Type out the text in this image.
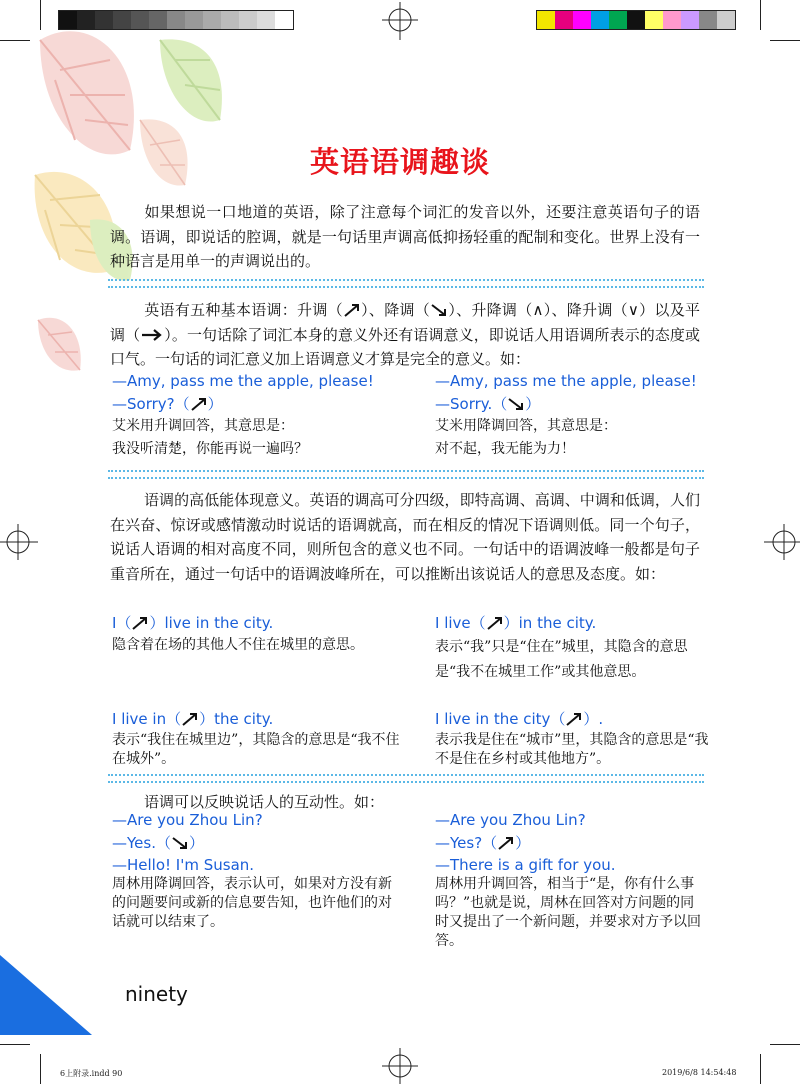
英语语调趣谈
如果想说一口地道的英语，除了注意每个词汇的发音以外，还要注意英语句子的语调。语调，即说话的腔调，就是一句话里声调高低抑扬轻重的配制和变化。世界上没有一种语言是用单一的声调说出的。
英语有五种基本语调：升调（ ）、降调（ ）、升降调（∧）、降升调（∨）以及平调（ ）。一句话除了词汇本身的意义外还有语调意义，即说话人用语调所表示的态度或口气。一句话的词汇意义加上语调意义才算是完全的意义。如：
—Amy, pass me the apple, please!
—Sorry?（ ）
艾米用升调回答，其意思是：
我没听清楚，你能再说一遍吗？
—Amy, pass me the apple, please!
—Sorry.（ ）
艾米用降调回答，其意思是：
对不起，我无能为力！
语调的高低能体现意义。英语的调高可分四级，即特高调、高调、中调和低调，人们在兴奋、惊讶或感情激动时说话的语调就高，而在相反的情况下语调则低。同一个句子，说话人语调的相对高度不同，则所包含的意义也不同。一句话中的语调波峰一般都是句子重音所在，通过一句话中的语调波峰所在，可以推断出该说话人的意思及态度。如：
I（ ）live in the city.
隐含着在场的其他人不住在城里的意思。
I live（ ）in the city.
表示“我”只是“住在”城里，其隐含的意思是“我不在城里工作”或其他意思。
I live in（ ）the city.
表示“我住在城里边”，其隐含的意思是“我不住在城外”。
I live in the city（ ）.
表示我是住在“城市”里，其隐含的意思是“我不是住在乡村或其他地方”。
语调可以反映说话人的互动性。如：
—Are you Zhou Lin?
—Yes.（ ）
—Hello! I'm Susan.
周林用降调回答，表示认可，如果对方没有新的问题要问或新的信息要告知，也许他们的对话就可以结束了。
—Are you Zhou Lin?
—Yes?（ ）
—There is a gift for you.
周林用升调回答，相当于“是，你有什么事吗？”也就是说，周林在回答对方问题的同时又提出了一个新问题，并要求对方予以回答。
90 ninety
6上附录.indd 90	2019/6/8 14:54:48
